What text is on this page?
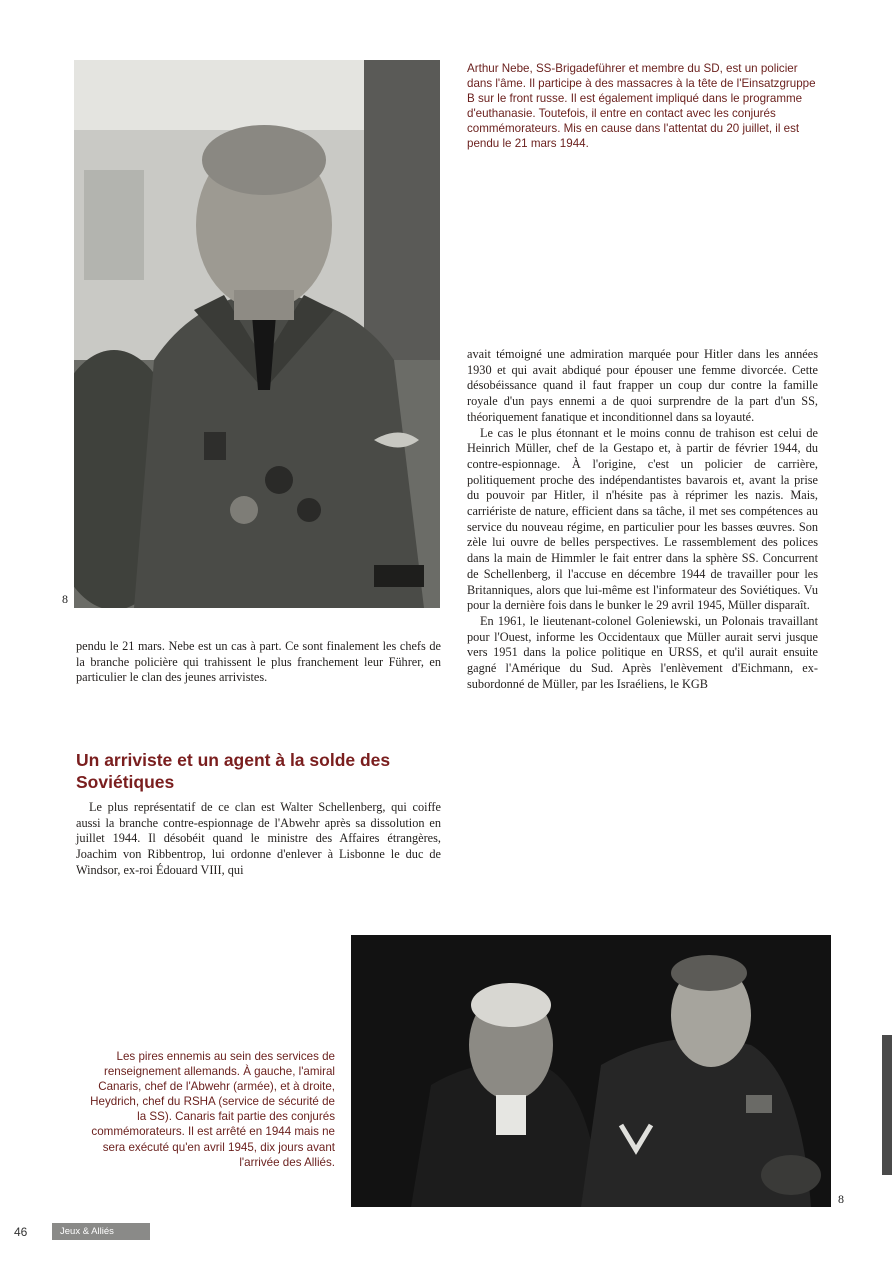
8

Arthur Nebe, SS-Brigadeführer et membre du SD, est un policier dans l'âme. Il participe à des massacres à la tête de l'Einsatzgruppe B sur le front russe. Il est également impliqué dans le programme d'euthanasie. Toutefois, il entre en contact avec les conjurés commémorateurs. Mis en cause dans l'attentat du 20 juillet, il est pendu le 21 mars 1944.

avait témoigné une admiration marquée pour Hitler dans les années 1930 et qui avait abdiqué pour épouser une femme divorcée. Cette désobéissance quand il faut frapper un coup dur contre la famille royale d'un pays ennemi a de quoi surprendre de la part d'un SS, théoriquement fanatique et inconditionnel dans sa loyauté.

Le cas le plus étonnant et le moins connu de trahison est celui de Heinrich Müller, chef de la Gestapo et, à partir de février 1944, du contre-espionnage. À l'origine, c'est un policier de carrière, politiquement proche des indépendantistes bavarois et, avant la prise du pouvoir par Hitler, il n'hésite pas à réprimer les nazis. Mais, carriériste de nature, efficient dans sa tâche, il met ses compétences au service du nouveau régime, en particulier pour les basses œuvres. Son zèle lui ouvre de belles perspectives. Le rassemblement des polices dans la main de Himmler le fait entrer dans la sphère SS. Concurrent de Schellenberg, il l'accuse en décembre 1944 de travailler pour les Britanniques, alors que lui-même est l'informateur des Soviétiques. Vu pour la dernière fois dans le bunker le 29 avril 1945, Müller disparaît.

En 1961, le lieutenant-colonel Goleniewski, un Polonais travaillant pour l'Ouest, informe les Occidentaux que Müller aurait servi jusque vers 1951 dans la police politique en URSS, et qu'il aurait ensuite gagné l'Amérique du Sud. Après l'enlèvement d'Eichmann, ex-subordonné de Müller, par les Israéliens, le KGB

pendu le 21 mars. Nebe est un cas à part. Ce sont finalement les chefs de la branche policière qui trahissent le plus franchement leur Führer, en particulier le clan des jeunes arrivistes.

Un arriviste et un agent à la solde des Soviétiques

Le plus représentatif de ce clan est Walter Schellenberg, qui coiffe aussi la branche contre-espionnage de l'Abwehr après sa dissolution en juillet 1944. Il désobéit quand le ministre des Affaires étrangères, Joachim von Ribbentrop, lui ordonne d'enlever à Lisbonne le duc de Windsor, ex-roi Édouard VIII, qui

8

Les pires ennemis au sein des services de renseignement allemands. À gauche, l'amiral Canaris, chef de l'Abwehr (armée), et à droite, Heydrich, chef du RSHA (service de sécurité de la SS). Canaris fait partie des conjurés commémorateurs. Il est arrêté en 1944 mais ne sera exécuté qu'en avril 1945, dix jours avant l'arrivée des Alliés.

46	Jeux & Alliés
